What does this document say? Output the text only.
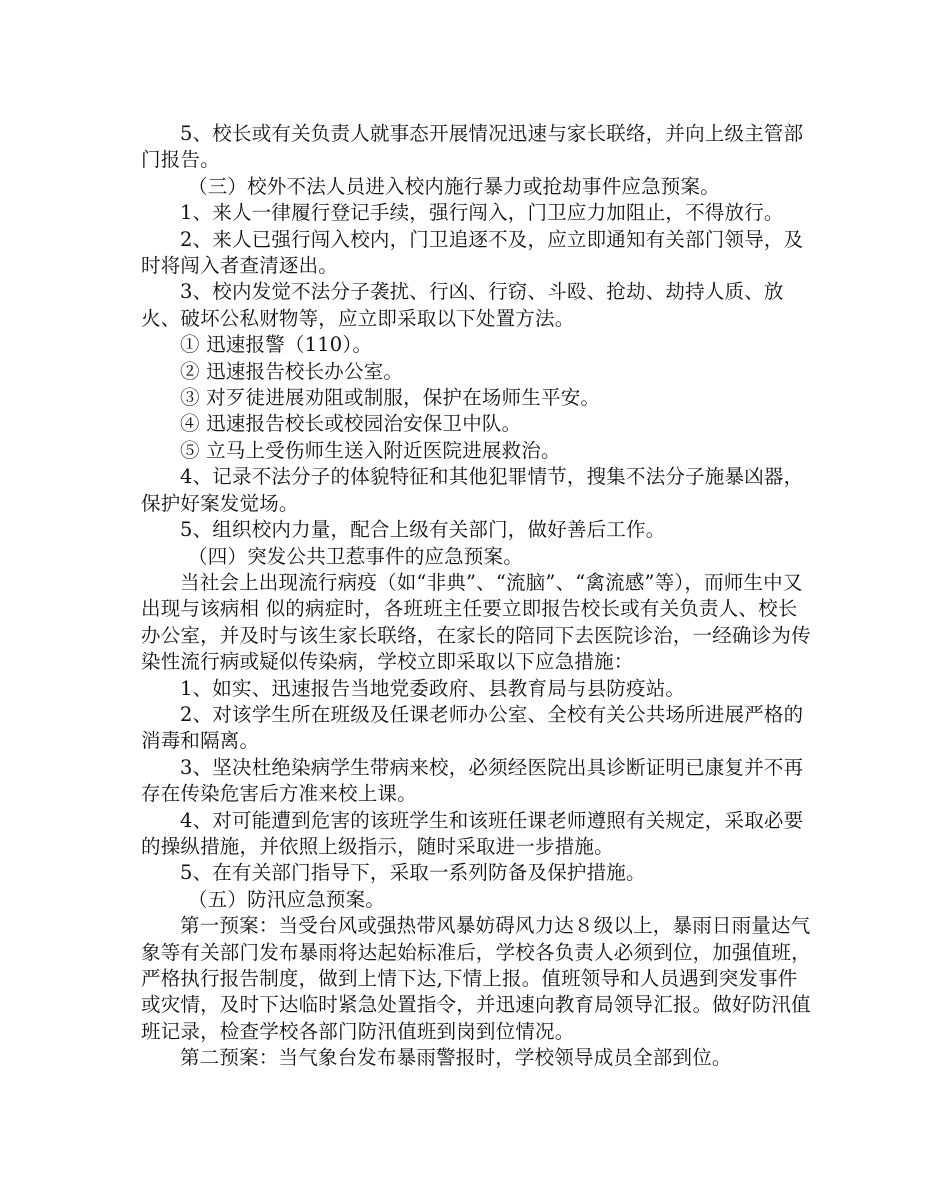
5、校长或有关负责人就事态开展情况迅速与家长联络，并向上级主管部门报告。

（三）校外不法人员进入校内施行暴力或抢劫事件应急预案。

1、来人一律履行登记手续，强行闯入，门卫应力加阻止，不得放行。

2、来人已强行闯入校内，门卫追逐不及，应立即通知有关部门领导，及时将闯入者查清逐出。

3、校内发觉不法分子袭扰、行凶、行窃、斗殴、抢劫、劫持人质、放火、破坏公私财物等，应立即采取以下处置方法。

① 迅速报警（110）。

② 迅速报告校长办公室。

③ 对歹徒进展劝阻或制服，保护在场师生平安。

④ 迅速报告校长或校园治安保卫中队。

⑤ 立马上受伤师生送入附近医院进展救治。

4、记录不法分子的体貌特征和其他犯罪情节，搜集不法分子施暴凶器，保护好案发觉场。

5、组织校内力量，配合上级有关部门，做好善后工作。

（四）突发公共卫惹事件的应急预案。

当社会上出现流行病疫（如“非典”、“流脑”、“禽流感”等），而师生中又出现与该病相 似的病症时，各班班主任要立即报告校长或有关负责人、校长办公室，并及时与该生家长联络，在家长的陪同下去医院诊治，一经确诊为传染性流行病或疑似传染病，学校立即采取以下应急措施：

1、如实、迅速报告当地党委政府、县教育局与县防疫站。

2、对该学生所在班级及任课老师办公室、全校有关公共场所进展严格的消毒和隔离。

3、坚决杜绝染病学生带病来校，必须经医院出具诊断证明已康复并不再存在传染危害后方准来校上课。

4、对可能遭到危害的该班学生和该班任课老师遵照有关规定，采取必要的操纵措施，并依照上级指示，随时采取进一步措施。

5、在有关部门指导下，采取一系列防备及保护措施。

（五）防汛应急预案。

第一预案：当受台风或强热带风暴妨碍风力达８级以上，暴雨日雨量达气象等有关部门发布暴雨将达起始标准后，学校各负责人必须到位，加强值班，严格执行报告制度，做到上情下达,下情上报。值班领导和人员遇到突发事件或灾情，及时下达临时紧急处置指令，并迅速向教育局领导汇报。做好防汛值班记录，检查学校各部门防汛值班到岗到位情况。

第二预案：当气象台发布暴雨警报时，学校领导成员全部到位。
